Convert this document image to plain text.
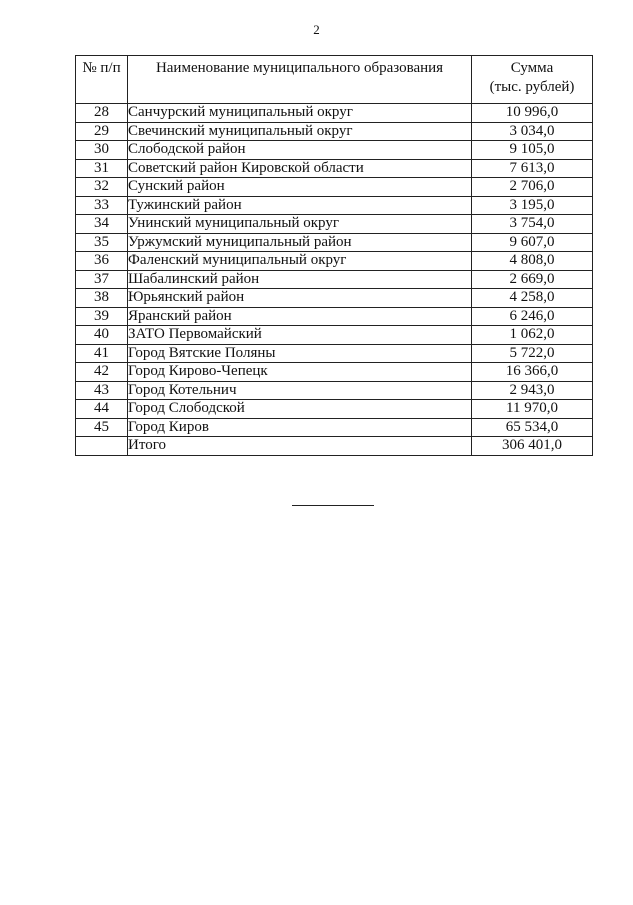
2
№ п/п	Наименование муниципального образования	Сумма
(тыс. рублей)
28	Санчурский муниципальный округ	10 996,0
29	Свечинский муниципальный округ	3 034,0
30	Слободской район	9 105,0
31	Советский район Кировской области	7 613,0
32	Сунский район	2 706,0
33	Тужинский район	3 195,0
34	Унинский муниципальный округ	3 754,0
35	Уржумский муниципальный район	9 607,0
36	Фаленский муниципальный округ	4 808,0
37	Шабалинский район	2 669,0
38	Юрьянский район	4 258,0
39	Яранский район	6 246,0
40	ЗАТО Первомайский	1 062,0
41	Город Вятские Поляны	5 722,0
42	Город Кирово-Чепецк	16 366,0
43	Город Котельнич	2 943,0
44	Город Слободской	11 970,0
45	Город Киров	65 534,0
	Итого	306 401,0
